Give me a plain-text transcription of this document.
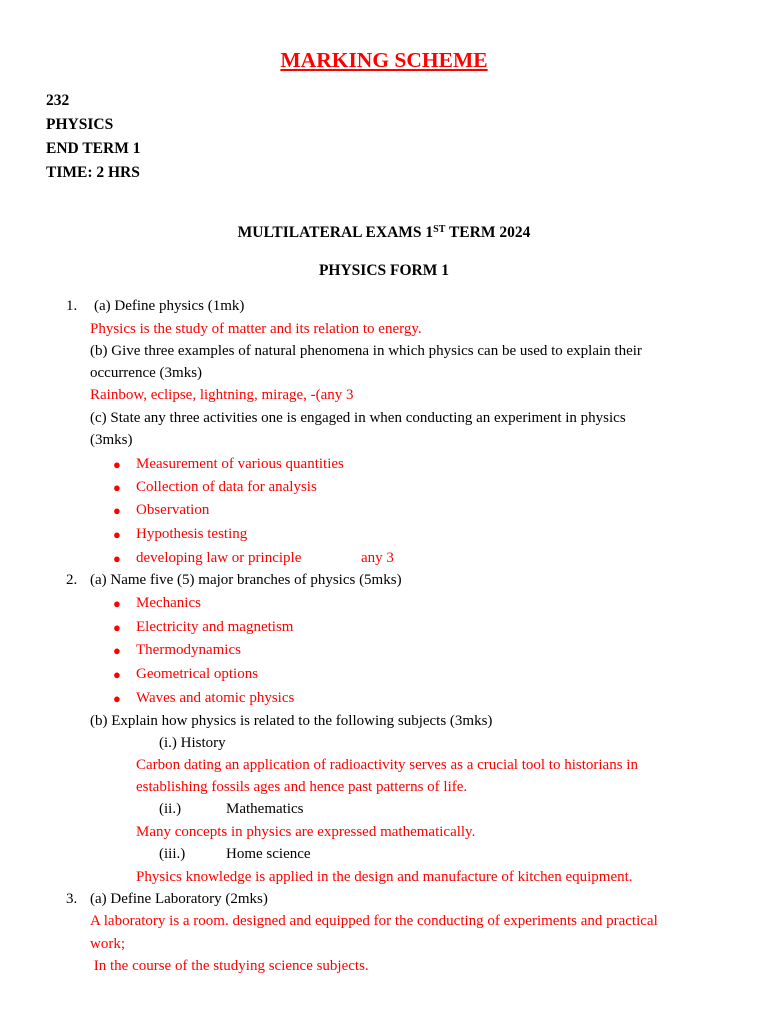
MARKING SCHEME
232
PHYSICS
END TERM 1
TIME: 2 HRS
MULTILATERAL EXAMS 1ST TERM 2024
PHYSICS FORM 1
1. (a) Define physics (1mk)
Physics is the study of matter and its relation to energy.
(b) Give three examples of natural phenomena in which physics can be used to explain their
occurrence (3mks)
Rainbow, eclipse, lightning, mirage, -(any 3
(c) State any three activities one is engaged in when conducting an experiment in physics
(3mks)
● Measurement of various quantities
● Collection of data for analysis
● Observation
● Hypothesis testing
● developing law or principle	any 3
2. (a) Name five (5) major branches of physics (5mks)
● Mechanics
● Electricity and magnetism
● Thermodynamics
● Geometrical options
● Waves and atomic physics
(b) Explain how physics is related to the following subjects (3mks)
(i.) History
Carbon dating an application of radioactivity serves as a crucial tool to historians in
establishing fossils ages and hence past patterns of life.
(ii.)	Mathematics
Many concepts in physics are expressed mathematically.
(iii.)	Home science
Physics knowledge is applied in the design and manufacture of kitchen equipment.
3. (a) Define Laboratory (2mks)
A laboratory is a room. designed and equipped for the conducting of experiments and practical
work;
In the course of the studying science subjects.
